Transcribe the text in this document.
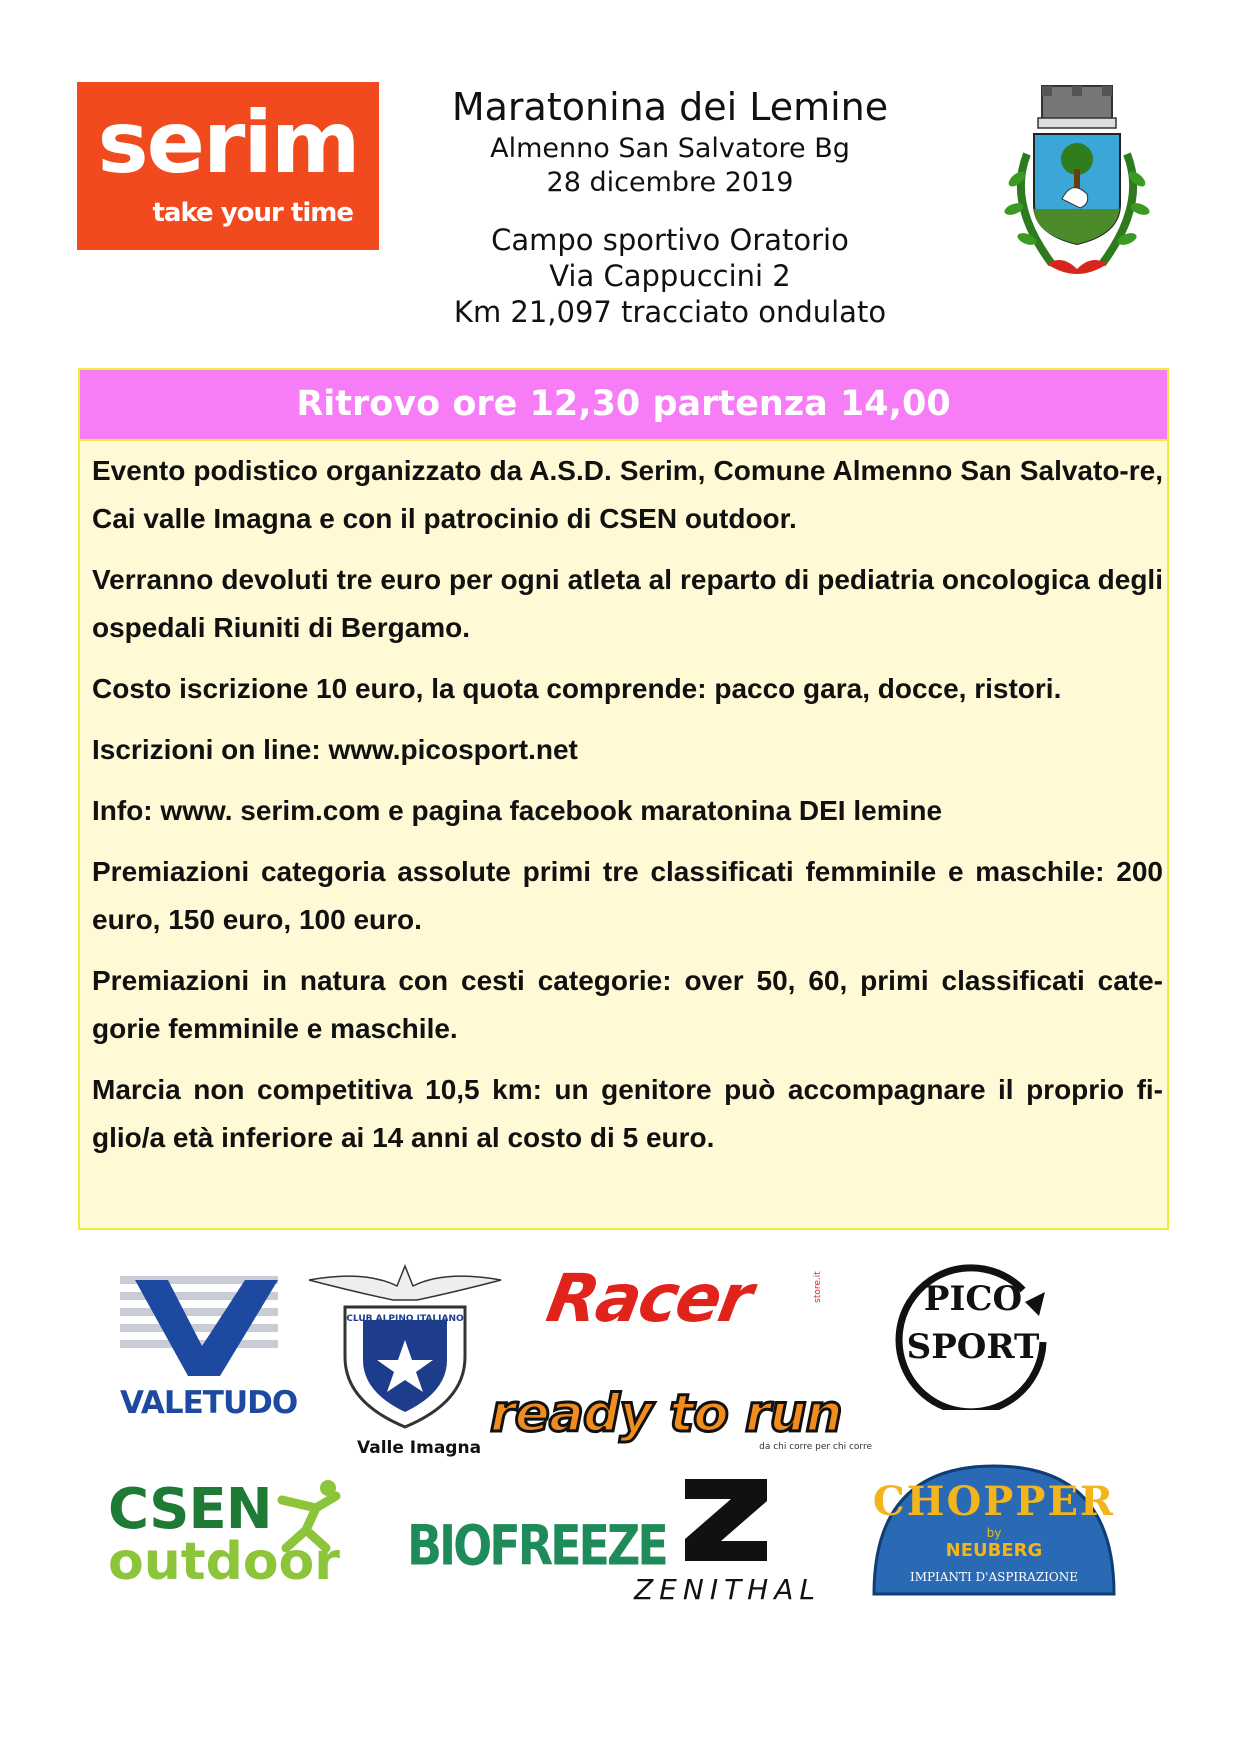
serim
take your time
Maratonina dei Lemine

Almenno San Salvatore Bg

28 dicembre 2019

Campo sportivo Oratorio

Via Cappuccini 2

Km 21,097 tracciato ondulato

Ritrovo ore 12,30 partenza 14,00

Evento podistico organizzato da A.S.D. Serim, Comune Almenno San Salvato-re, Cai valle Imagna e con il patrocinio di CSEN outdoor.

Verranno devoluti tre euro per ogni atleta al reparto di pediatria oncologica degli ospedali Riuniti di Bergamo.

Costo iscrizione 10 euro, la quota comprende: pacco gara, docce, ristori.

Iscrizioni on line: www.picosport.net

Info: www. serim.com e pagina facebook maratonina DEI lemine

Premiazioni categoria assolute primi tre classificati femminile e maschile: 200 euro, 150 euro, 100 euro.

Premiazioni in natura con cesti categorie: over 50, 60, primi classificati cate-gorie femminile e maschile.

Marcia non competitiva 10,5 km: un genitore può accompagnare il proprio fi-glio/a età inferiore ai 14 anni al costo di 5 euro.

VALETUDO
CLUB ALPINO ITALIANO
Valle Imagna
Racer	store.it
ready to run
da chi corre per chi corre
PICO
SPORT
CSEN
outdoor BIOFREEZE
ZENITHAL
CHOPPER
by
NEUBERG
IMPIANTI D'ASPIRAZIONE
